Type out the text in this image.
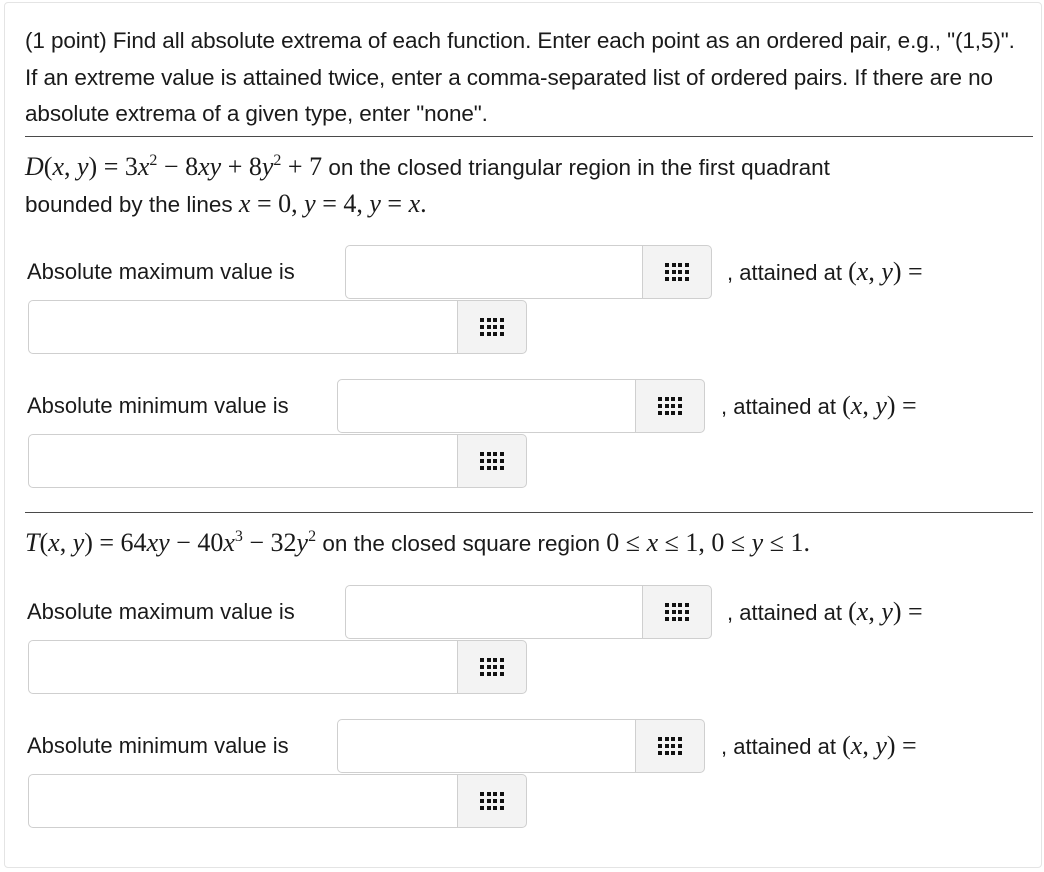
(1 point) Find all absolute extrema of each function. Enter each point as an ordered pair, e.g., "(1,5)". If an extreme value is attained twice, enter a comma-separated list of ordered pairs. If there are no absolute extrema of a given type, enter "none".
D(x, $y) = 3x^2 - 8xy + 8y^2 + 7$ on the closed triangular region in the first quadrant
bounded by the lines x = 0, y = 4, y = x.
Absolute maximum value is	, attained at (x, y) =
Absolute minimum value is	, attained at (x, y) =
T(x, $y) = 64xy - 40x^3 - 32y^2$ on the closed square region 0 ≤ x ≤ 1, 0 ≤ y ≤ 1.
Absolute maximum value is	, attained at (x, y) =
Absolute minimum value is	, attained at (x, y) =
